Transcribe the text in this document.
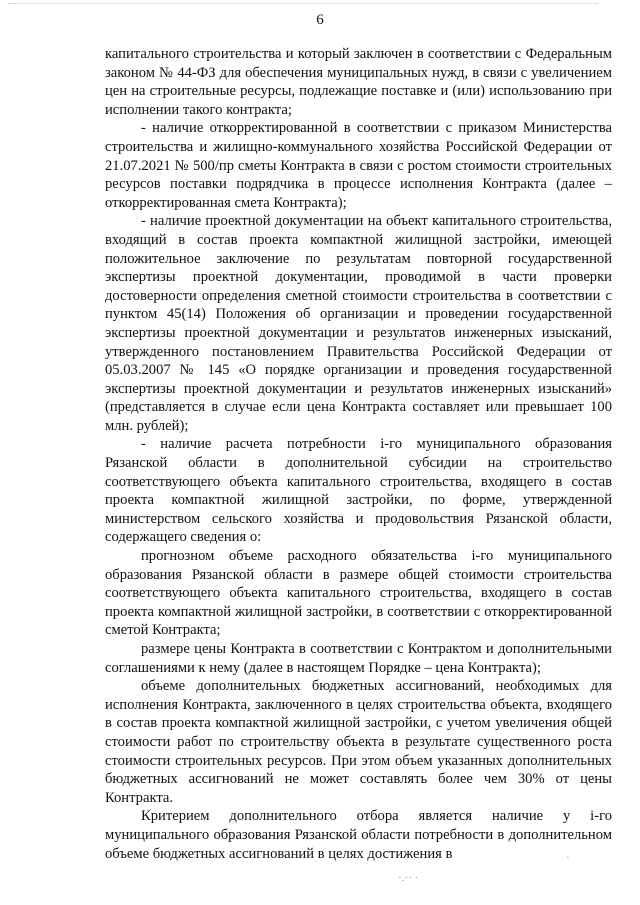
6

капитального строительства и который заключен в соответствии с Федеральным законом № 44-ФЗ для обеспечения муниципальных нужд, в связи с увеличением цен на строительные ресурсы, подлежащие поставке и (или) использованию при исполнении такого контракта;

- наличие откорректированной в соответствии с приказом Министерства строительства и жилищно-коммунального хозяйства Российской Федерации от 21.07.2021 № 500/пр сметы Контракта в связи с ростом стоимости строительных ресурсов поставки подрядчика в процессе исполнения Контракта (далее – откорректированная смета Контракта);

- наличие проектной документации на объект капитального строительства, входящий в состав проекта компактной жилищной застройки, имеющей положительное заключение по результатам повторной государственной экспертизы проектной документации, проводимой в части проверки достоверности определения сметной стоимости строительства в соответствии с пунктом 45(14) Положения об организации и проведении государственной экспертизы проектной документации и результатов инженерных изысканий, утвержденного постановлением Правительства Российской Федерации от 05.03.2007 № 145 «О порядке организации и проведения государственной экспертизы проектной документации и результатов инженерных изысканий» (представляется в случае если цена Контракта составляет или превышает 100 млн. рублей);

- наличие расчета потребности i-го муниципального образования Рязанской области в дополнительной субсидии на строительство соответствующего объекта капитального строительства, входящего в состав проекта компактной жилищной застройки, по форме, утвержденной министерством сельского хозяйства и продовольствия Рязанской области, содержащего сведения о:

прогнозном объеме расходного обязательства i-го муниципального образования Рязанской области в размере общей стоимости строительства соответствующего объекта капитального строительства, входящего в состав проекта компактной жилищной застройки, в соответствии с откорректированной сметой Контракта;

размере цены Контракта в соответствии с Контрактом и дополнительными соглашениями к нему (далее в настоящем Порядке – цена Контракта);

объеме дополнительных бюджетных ассигнований, необходимых для исполнения Контракта, заключенного в целях строительства объекта, входящего в состав проекта компактной жилищной застройки, с учетом увеличения общей стоимости работ по строительству объекта в результате существенного роста стоимости строительных ресурсов. При этом объем указанных дополнительных бюджетных ассигнований не может составлять более чем 30% от цены Контракта.

Критерием дополнительного отбора является наличие у i-го муниципального образования Рязанской области потребности в дополнительном объеме бюджетных ассигнований в целях достижения в	·
·.·· ·
